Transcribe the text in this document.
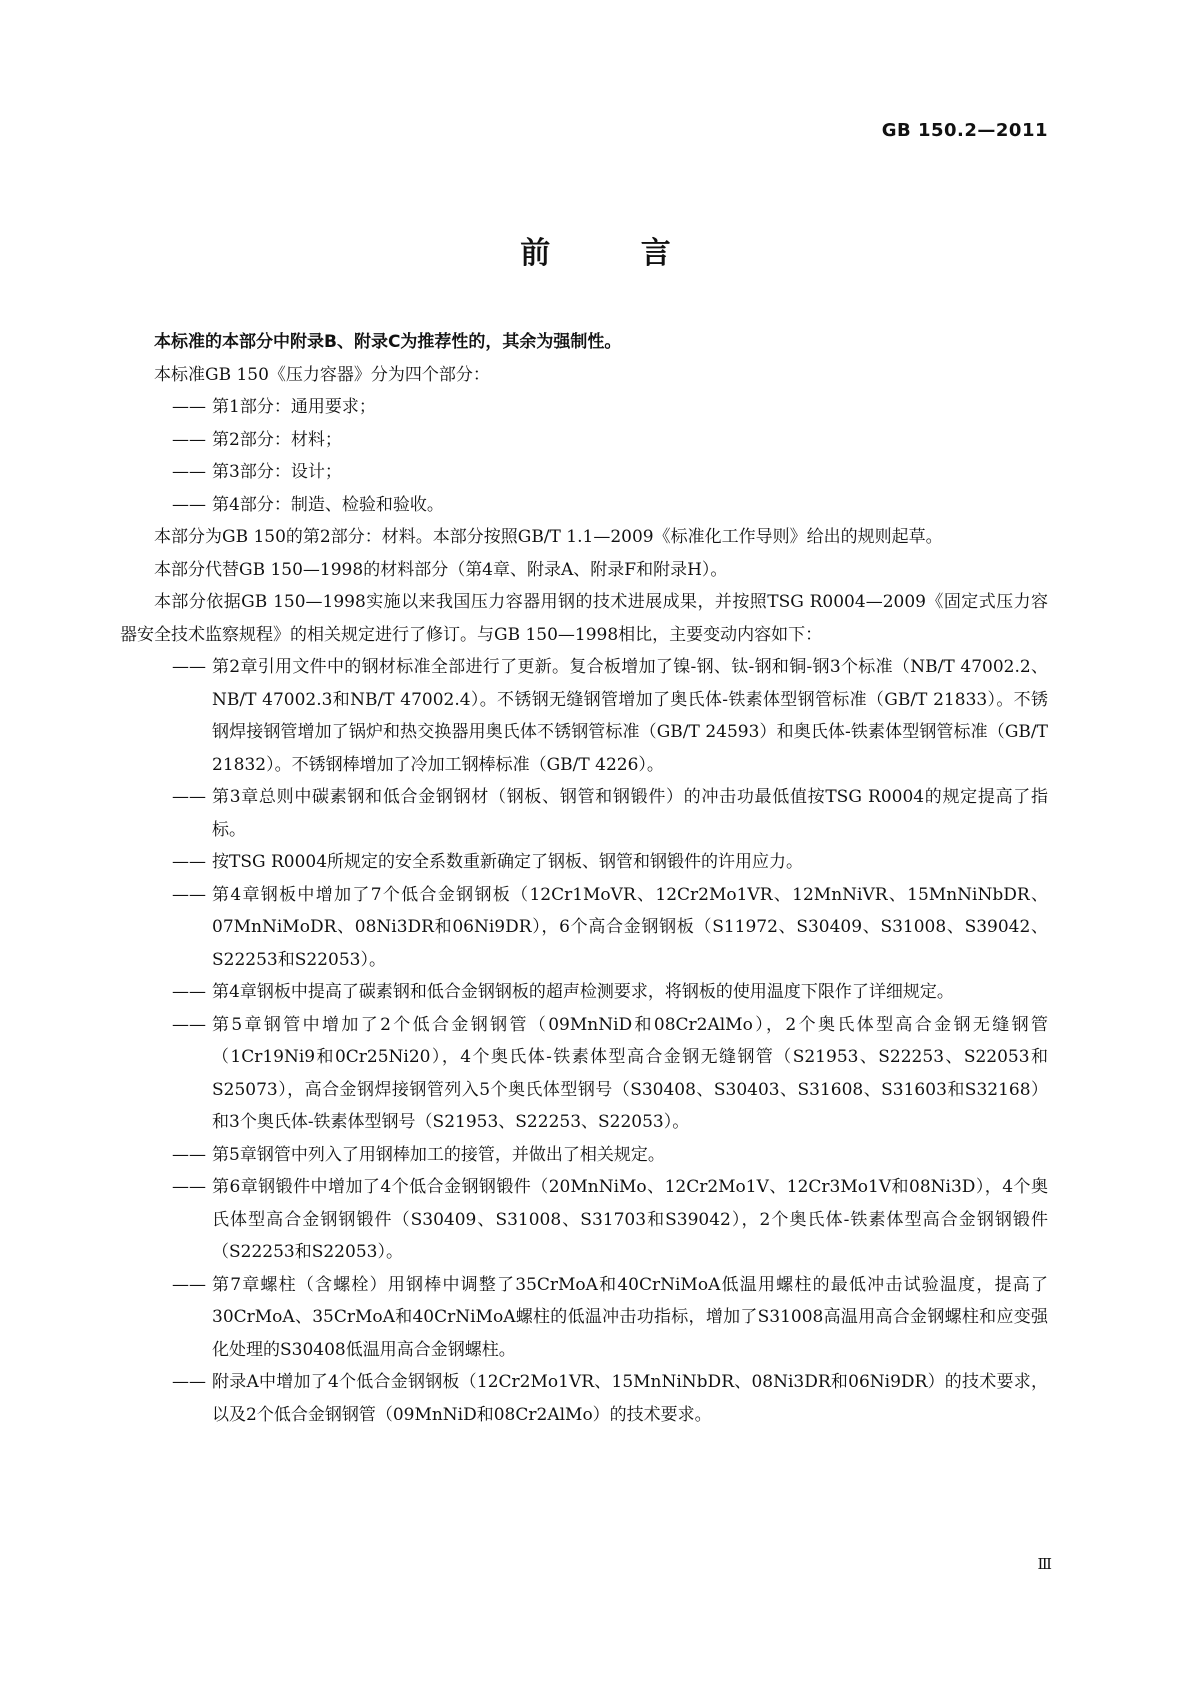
GB 150.2—2011
前 言

本标准的本部分中附录B、附录C为推荐性的，其余为强制性。

本标准GB 150《压力容器》分为四个部分：

—— 第1部分：通用要求；

—— 第2部分：材料；

—— 第3部分：设计；

—— 第4部分：制造、检验和验收。

本部分为GB 150的第2部分：材料。本部分按照GB/T 1.1—2009《标准化工作导则》给出的规则起草。

本部分代替GB 150—1998的材料部分（第4章、附录A、附录F和附录H）。

本部分依据GB 150—1998实施以来我国压力容器用钢的技术进展成果，并按照TSG R0004—2009《固定式压力容器安全技术监察规程》的相关规定进行了修订。与GB 150—1998相比，主要变动内容如下：

—— 第2章引用文件中的钢材标准全部进行了更新。复合板增加了镍-钢、钛-钢和铜-钢3个标准（NB/T 47002.2、NB/T 47002.3和NB/T 47002.4）。不锈钢无缝钢管增加了奥氏体-铁素体型钢管标准（GB/T 21833）。不锈钢焊接钢管增加了锅炉和热交换器用奥氏体不锈钢管标准（GB/T 24593）和奥氏体-铁素体型钢管标准（GB/T 21832）。不锈钢棒增加了冷加工钢棒标准（GB/T 4226）。

—— 第3章总则中碳素钢和低合金钢钢材（钢板、钢管和钢锻件）的冲击功最低值按TSG R0004的规定提高了指标。

—— 按TSG R0004所规定的安全系数重新确定了钢板、钢管和钢锻件的许用应力。

—— 第4章钢板中增加了7个低合金钢钢板（12Cr1MoVR、12Cr2Mo1VR、12MnNiVR、15MnNiNbDR、07MnNiMoDR、08Ni3DR和06Ni9DR），6个高合金钢钢板（S11972、S30409、S31008、S39042、S22253和S22053）。

—— 第4章钢板中提高了碳素钢和低合金钢钢板的超声检测要求，将钢板的使用温度下限作了详细规定。

—— 第5章钢管中增加了2个低合金钢钢管（09MnNiD和08Cr2AlMo），2个奥氏体型高合金钢无缝钢管（1Cr19Ni9和0Cr25Ni20），4个奥氏体-铁素体型高合金钢无缝钢管（S21953、S22253、S22053和S25073），高合金钢焊接钢管列入5个奥氏体型钢号（S30408、S30403、S31608、S31603和S32168）和3个奥氏体-铁素体型钢号（S21953、S22253、S22053）。

—— 第5章钢管中列入了用钢棒加工的接管，并做出了相关规定。

—— 第6章钢锻件中增加了4个低合金钢钢锻件（20MnNiMo、12Cr2Mo1V、12Cr3Mo1V和08Ni3D），4个奥氏体型高合金钢钢锻件（S30409、S31008、S31703和S39042），2个奥氏体-铁素体型高合金钢钢锻件（S22253和S22053）。

—— 第7章螺柱（含螺栓）用钢棒中调整了35CrMoA和40CrNiMoA低温用螺柱的最低冲击试验温度，提高了30CrMoA、35CrMoA和40CrNiMoA螺柱的低温冲击功指标，增加了S31008高温用高合金钢螺柱和应变强化处理的S30408低温用高合金钢螺柱。

—— 附录A中增加了4个低合金钢钢板（12Cr2Mo1VR、15MnNiNbDR、08Ni3DR和06Ni9DR）的技术要求，以及2个低合金钢钢管（09MnNiD和08Cr2AlMo）的技术要求。

Ⅲ
